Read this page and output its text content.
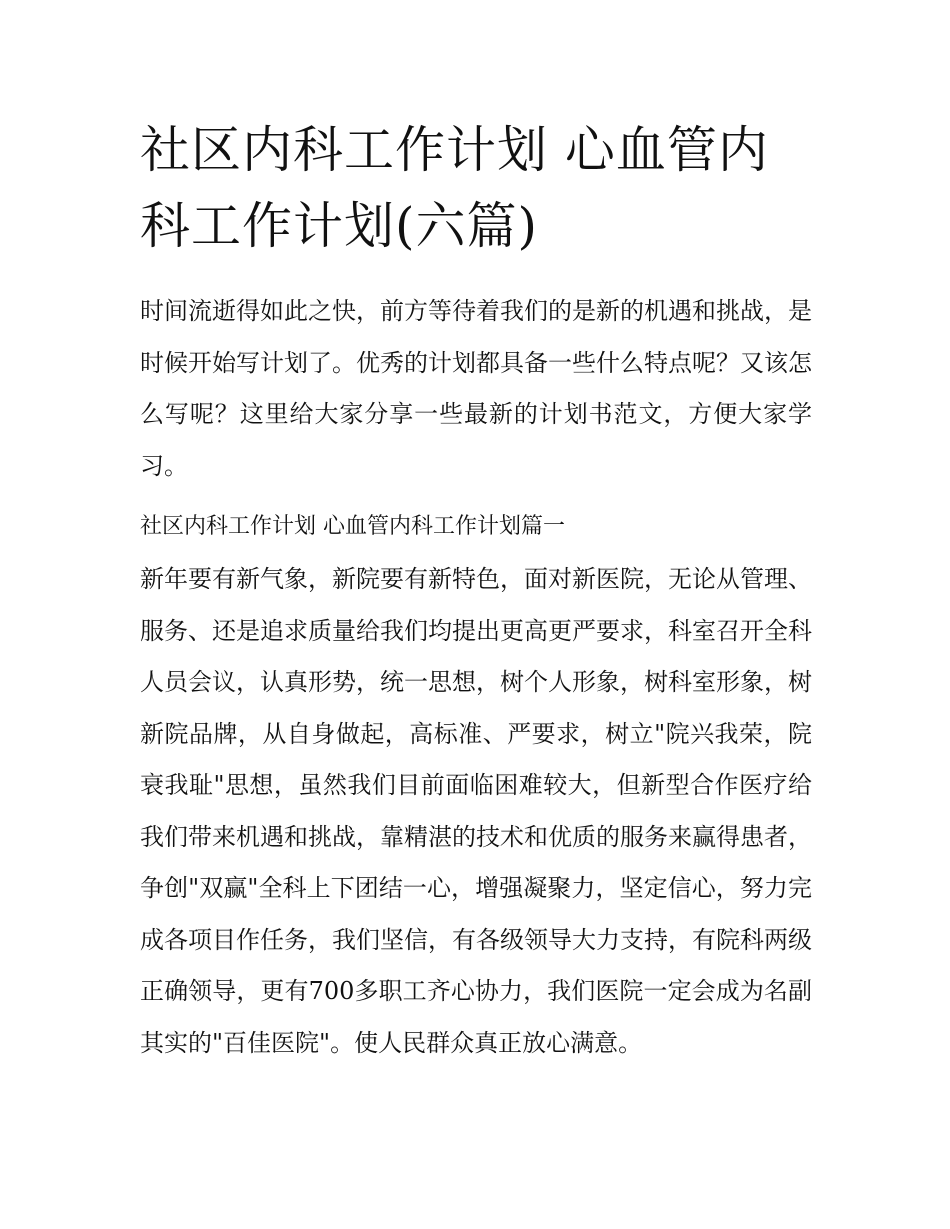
社区内科工作计划 心血管内科工作计划(六篇)

时间流逝得如此之快，前方等待着我们的是新的机遇和挑战，是时候开始写计划了。优秀的计划都具备一些什么特点呢？又该怎么写呢？这里给大家分享一些最新的计划书范文，方便大家学习。

社区内科工作计划 心血管内科工作计划篇一

新年要有新气象，新院要有新特色，面对新医院，无论从管理、服务、还是追求质量给我们均提出更高更严要求，科室召开全科人员会议，认真形势，统一思想，树个人形象，树科室形象，树新院品牌，从自身做起，高标准、严要求，树立"院兴我荣，院衰我耻"思想，虽然我们目前面临困难较大，但新型合作医疗给我们带来机遇和挑战，靠精湛的技术和优质的服务来赢得患者，争创"双赢"全科上下团结一心，增强凝聚力，坚定信心，努力完成各项目作任务，我们坚信，有各级领导大力支持，有院科两级正确领导，更有700多职工齐心协力，我们医院一定会成为名副其实的"百佳医院"。使人民群众真正放心满意。
